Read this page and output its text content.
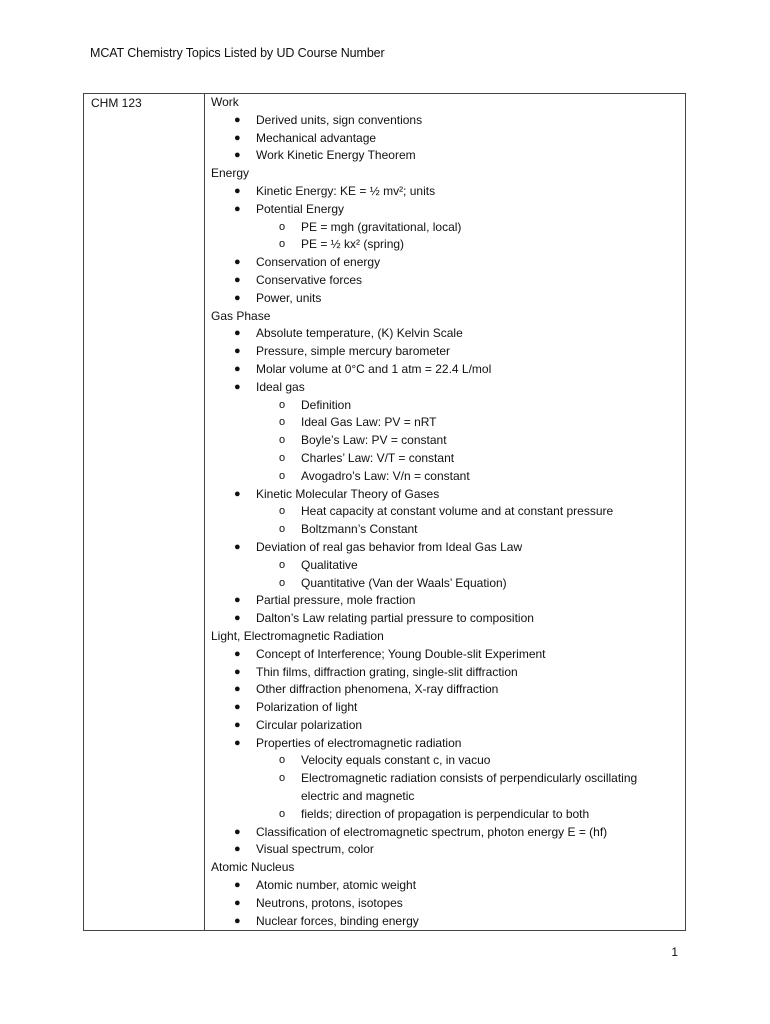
MCAT Chemistry Topics Listed by UD Course Number
CHM 123	Work
● Derived units, sign conventions
● Mechanical advantage
● Work Kinetic Energy Theorem
Energy
● Kinetic Energy: KE = ½ mv²; units
● Potential Energy
o PE = mgh (gravitational, local)
o PE = ½ kx² (spring)
● Conservation of energy
● Conservative forces
● Power, units
Gas Phase
● Absolute temperature, (K) Kelvin Scale
● Pressure, simple mercury barometer
● Molar volume at 0°C and 1 atm = 22.4 L/mol
● Ideal gas
o Definition
o Ideal Gas Law: PV = nRT
o Boyle’s Law: PV = constant
o Charles’ Law: V/T = constant
o Avogadro’s Law: V/n = constant
● Kinetic Molecular Theory of Gases
o Heat capacity at constant volume and at constant pressure
o Boltzmann’s Constant
● Deviation of real gas behavior from Ideal Gas Law
o Qualitative
o Quantitative (Van der Waals’ Equation)
● Partial pressure, mole fraction
● Dalton’s Law relating partial pressure to composition
Light, Electromagnetic Radiation
● Concept of Interference; Young Double-slit Experiment
● Thin films, diffraction grating, single-slit diffraction
● Other diffraction phenomena, X-ray diffraction
● Polarization of light
● Circular polarization
● Properties of electromagnetic radiation
o Velocity equals constant c, in vacuo
o Electromagnetic radiation consists of perpendicularly oscillating
electric and magnetic
o fields; direction of propagation is perpendicular to both
● Classification of electromagnetic spectrum, photon energy E = (hf)
● Visual spectrum, color
Atomic Nucleus
● Atomic number, atomic weight
● Neutrons, protons, isotopes
● Nuclear forces, binding energy
1
